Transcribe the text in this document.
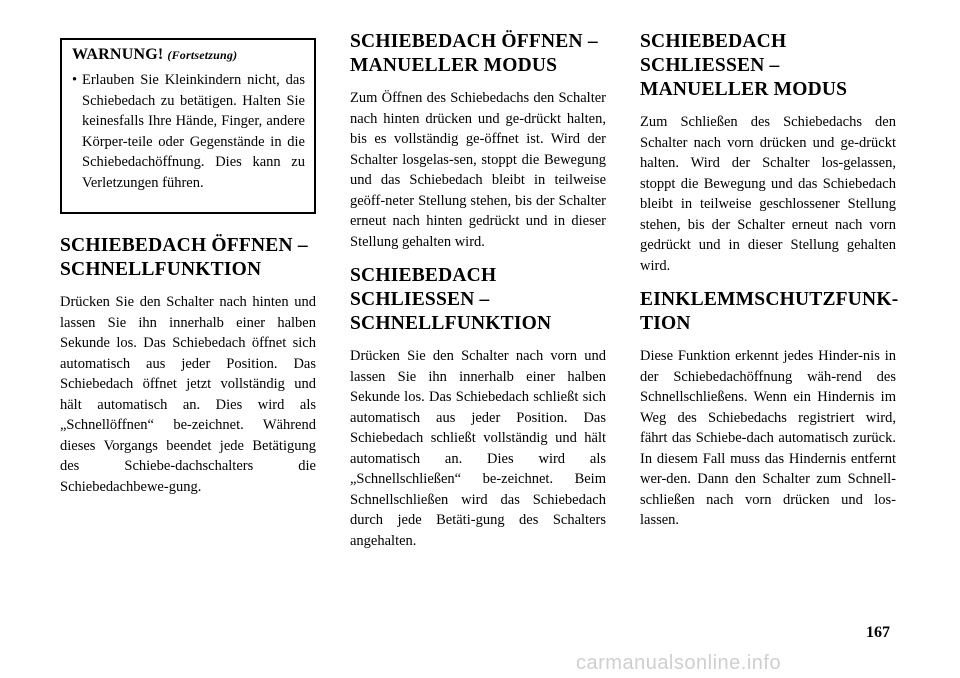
WARNUNG! (Fortsetzung)
• Erlauben Sie Kleinkindern nicht, das Schiebedach zu betätigen. Halten Sie keinesfalls Ihre Hände, Finger, andere Körper-teile oder Gegenstände in die Schiebedachöffnung. Dies kann zu Verletzungen führen.
SCHIEBEDACH ÖFFNEN – SCHNELLFUNKTION

Drücken Sie den Schalter nach hinten und lassen Sie ihn innerhalb einer halben Sekunde los. Das Schiebedach öffnet sich automatisch aus jeder Position. Das Schiebedach öffnet jetzt vollständig und hält automatisch an. Dies wird als „Schnellöffnen“ be-zeichnet. Während dieses Vorgangs beendet jede Betätigung des Schiebe-dachschalters die Schiebedachbewe-gung.

SCHIEBEDACH ÖFFNEN – MANUELLER MODUS

Zum Öffnen des Schiebedachs den Schalter nach hinten drücken und ge-drückt halten, bis es vollständig ge-öffnet ist. Wird der Schalter losgelas-sen, stoppt die Bewegung und das Schiebedach bleibt in teilweise geöff-neter Stellung stehen, bis der Schalter erneut nach hinten gedrückt und in dieser Stellung gehalten wird.

SCHIEBEDACH SCHLIESSEN – SCHNELLFUNKTION

Drücken Sie den Schalter nach vorn und lassen Sie ihn innerhalb einer halben Sekunde los. Das Schiebedach schließt sich automatisch aus jeder Position. Das Schiebedach schließt vollständig und hält automatisch an. Dies wird als „Schnellschließen“ be-zeichnet. Beim Schnellschließen wird das Schiebedach durch jede Betäti-gung des Schalters angehalten.

SCHIEBEDACH SCHLIESSEN – MANUELLER MODUS

Zum Schließen des Schiebedachs den Schalter nach vorn drücken und ge-drückt halten. Wird der Schalter los-gelassen, stoppt die Bewegung und das Schiebedach bleibt in teilweise geschlossener Stellung stehen, bis der Schalter erneut nach vorn gedrückt und in dieser Stellung gehalten wird.

EINKLEMMSCHUTZFUNK-TION

Diese Funktion erkennt jedes Hinder-nis in der Schiebedachöffnung wäh-rend des Schnellschließens. Wenn ein Hindernis im Weg des Schiebedachs registriert wird, fährt das Schiebe-dach automatisch zurück. In diesem Fall muss das Hindernis entfernt wer-den. Dann den Schalter zum Schnell-schließen nach vorn drücken und los-lassen.

167
carmanualsonline.info
